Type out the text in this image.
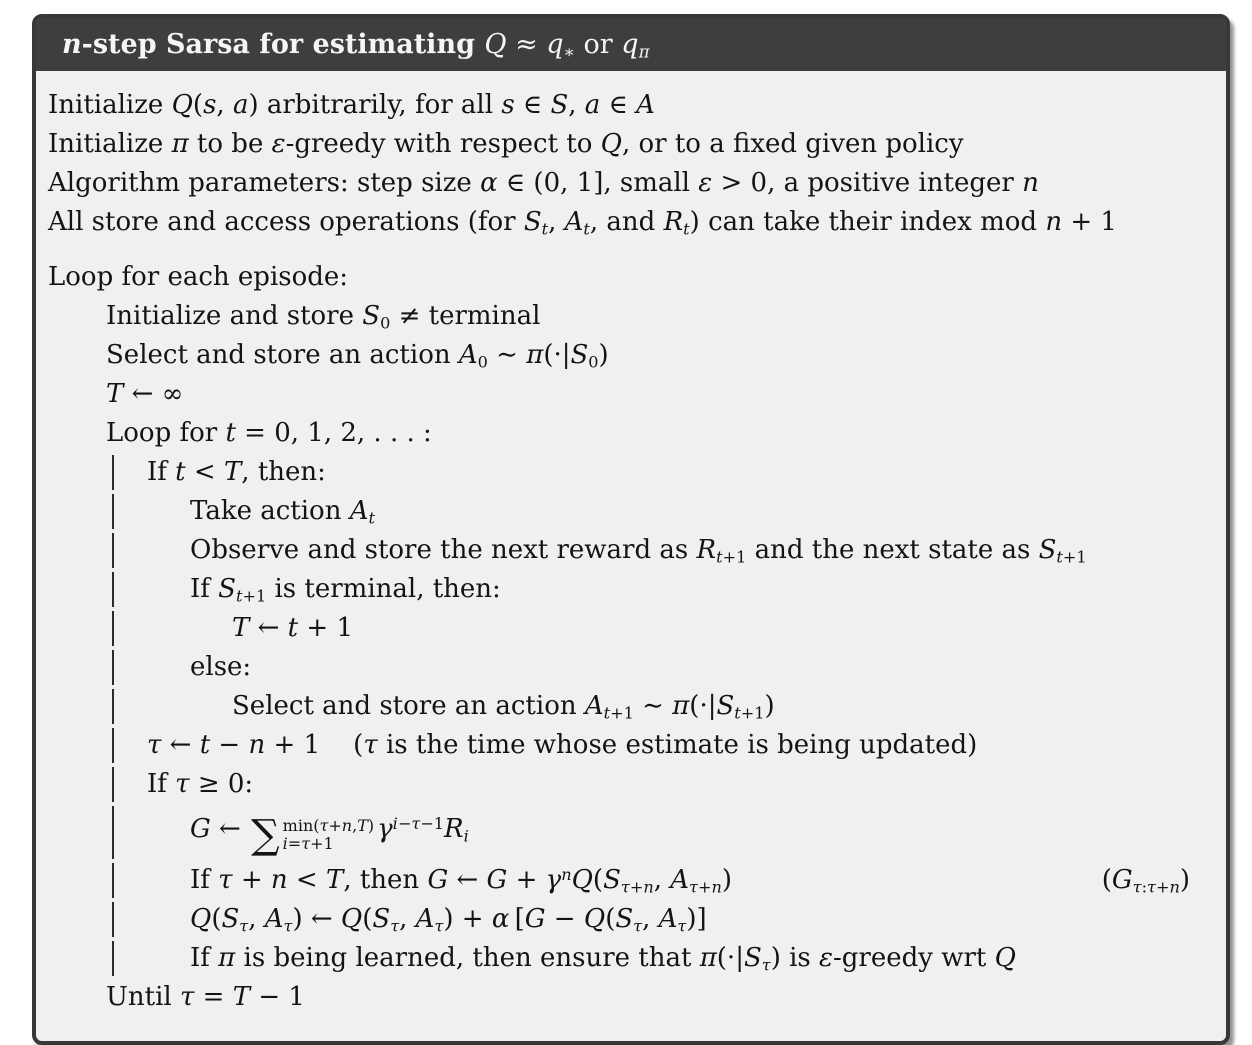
n-step Sarsa for estimating $Q \approx q_∗$ or $q_\pi$
Initialize Q(s, a) arbitrarily, for all s ∈ S, a ∈ A
Initialize π to be ε-greedy with respect to Q, or to a fixed given policy
Algorithm parameters: step size α ∈ (0, 1], small ε > 0, a positive integer n
All store and access operations (for $S_t$, $A_t$, and $R_t$) can take their index mod n + 1
Loop for each episode:
Initialize and store $S_0$ ≠ terminal
Select and store an action $A_0$ ∼ $\pi(\cdot|S_0)$
T ← ∞
Loop for t = 0, 1, 2, . . . :
If t < T, then:
Take action $A_t$
Observe and store the next reward as $R_{t+1}$ and the next state as $S_{t+1}$
If $S_{t+1}$ is terminal, then:
T ← t + 1
else:
Select and store an action $A_{t+1}$ ∼ $\pi(\cdot|S_{t+1})$
τ ← t − n + 1    (τ is the time whose estimate is being updated)
If τ ≥ 0:
G ← ∑ min(τ+n,T)
i=τ+1 $\gamma^{i-\tau-1}R_i$
If τ + n < T, then G ← $G + \gamma^nQ(S_{\tau+n}$, $A_{\tau+n}$)	$(G_{\tau:\tau+n})$
$Q(S_\tau$, $A_\tau$) ← $Q(S_\tau$, $A_\tau) + \alpha$ [$G - Q(S_\tau$, $A_\tau$)]
If π is being learned, then ensure that $\pi(\cdot|S_\tau)$ is ε-greedy wrt Q
Until τ = T − 1
